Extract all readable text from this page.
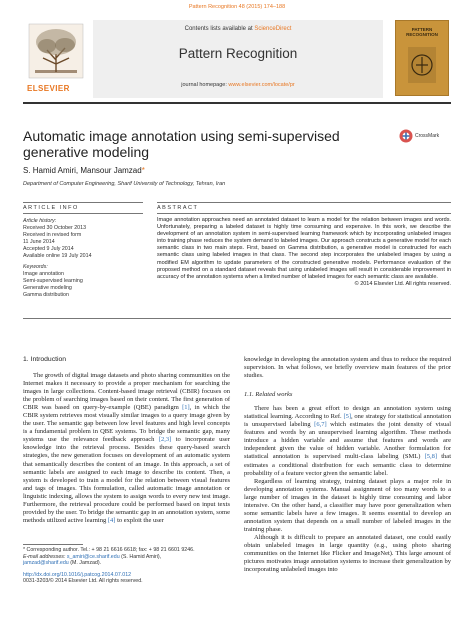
Pattern Recognition 48 (2015) 174–188
ELSEVIER
Contents lists available at ScienceDirect
Pattern Recognition
journal homepage: www.elsevier.com/locate/pr
PATTERN RECOGNITION
Automatic image annotation using semi-supervised generative modeling
CrossMark
S. Hamid Amiri, Mansour Jamzad*
Department of Computer Engineering, Sharif University of Technology, Tehran, Iran
ARTICLE INFO	ABSTRACT
Article history:
Received 30 October 2013
Received in revised form
11 June 2014
Accepted 9 July 2014
Available online 19 July 2014
Keywords:
Image annotation
Semi-supervised learning
Generative modeling
Gamma distribution
Image annotation approaches need an annotated dataset to learn a model for the relation between images and words. Unfortunately, preparing a labeled dataset is highly time consuming and expensive. In this work, we describe the development of an annotation system in semi-supervised learning framework which by incorporating unlabeled images into training phase reduces the system demand to labeled images. Our approach constructs a generative model for each semantic class in two main steps. First, based on Gamma distribution, a generative model is constructed for each semantic class using labeled images in that class. The second step incorporates the unlabeled images by using a modified EM algorithm to update parameters of the constructed generative models. Performance evaluation of the proposed method on a standard dataset reveals that using unlabeled images will result in considerable improvement in accuracy of the annotation systems when a limited number of labeled images for each semantic class are available.
© 2014 Elsevier Ltd. All rights reserved.
1. Introduction

The growth of digital image datasets and photo sharing communities on the Internet makes it necessary to provide a proper mechanism for searching the images in large collections. Content-based image retrieval (CBIR) focuses on the problem of searching images based on their content. The first generation of CBIR was based on query-by-example (QBE) paradigm [1], in which the CBIR system retrieves most visually similar images to a query image given by the user. The semantic gap between low level features and high level concepts is a fundamental problem in QBE systems. To bridge the semantic gap, many systems use the relevance feedback approach [2,3] to incorporate user knowledge into the retrieval process. Besides these query-based search strategies, the new generation focuses on development of an automatic system that semantically describes the content of an image. In this approach, a set of semantic labels are assigned to each image to describe its content. Then, a system is developed to train a model for the relation between visual features and tags of images. This formulation, called automatic image annotation or linguistic indexing, allows the system to assign words to every new test image. Furthermore, the retrieval procedure could be performed based on input texts provided by the user. To bridge the semantic gap in an annotation system, some methods utilized active learning [4] to exploit the user

knowledge in developing the annotation system and thus to reduce the required supervision. In what follows, we briefly overview main features of the prior studies.

1.1. Related works

There has been a great effort to design an annotation system using statistical learning. According to Ref. [5], one strategy for statistical annotation is unsupervised labeling [6,7] which estimates the joint density of visual features and words by an unsupervised learning algorithm. These methods introduce a hidden variable and assume that features and words are independent given the value of hidden variable. Another formulation for statistical annotation is supervised multi-class labeling (SML) [5,8] that estimates a conditional distribution for each semantic class to determine probability of a feature vector given the semantic label.

Regardless of learning strategy, training dataset plays a major role in developing annotation systems. Manual assignment of too many words to a large number of images in the dataset is highly time consuming and labor intensive. On the other hand, a classifier may have poor generalization when some semantic labels have a few images. It seems essential to develop an annotation system that depends on a small number of labeled images in the training phase.

Although it is difficult to prepare an annotated dataset, one could easily obtain unlabeled images in large quantity (e.g., using photo sharing communities on the Internet like Flicker and ImageNet). This large amount of pictures motivates image annotation systems to increase their generalization by incorporating unlabeled images into

* Corresponding author. Tel.: + 98 21 6616 6618; fax: + 98 21 6601 9246.
E-mail addresses: s_amiri@ce.sharif.edu (S. Hamid Amiri),
jamzad@sharif.edu (M. Jamzad).
http://dx.doi.org/10.1016/j.patcog.2014.07.012
0031-3203/© 2014 Elsevier Ltd. All rights reserved.
